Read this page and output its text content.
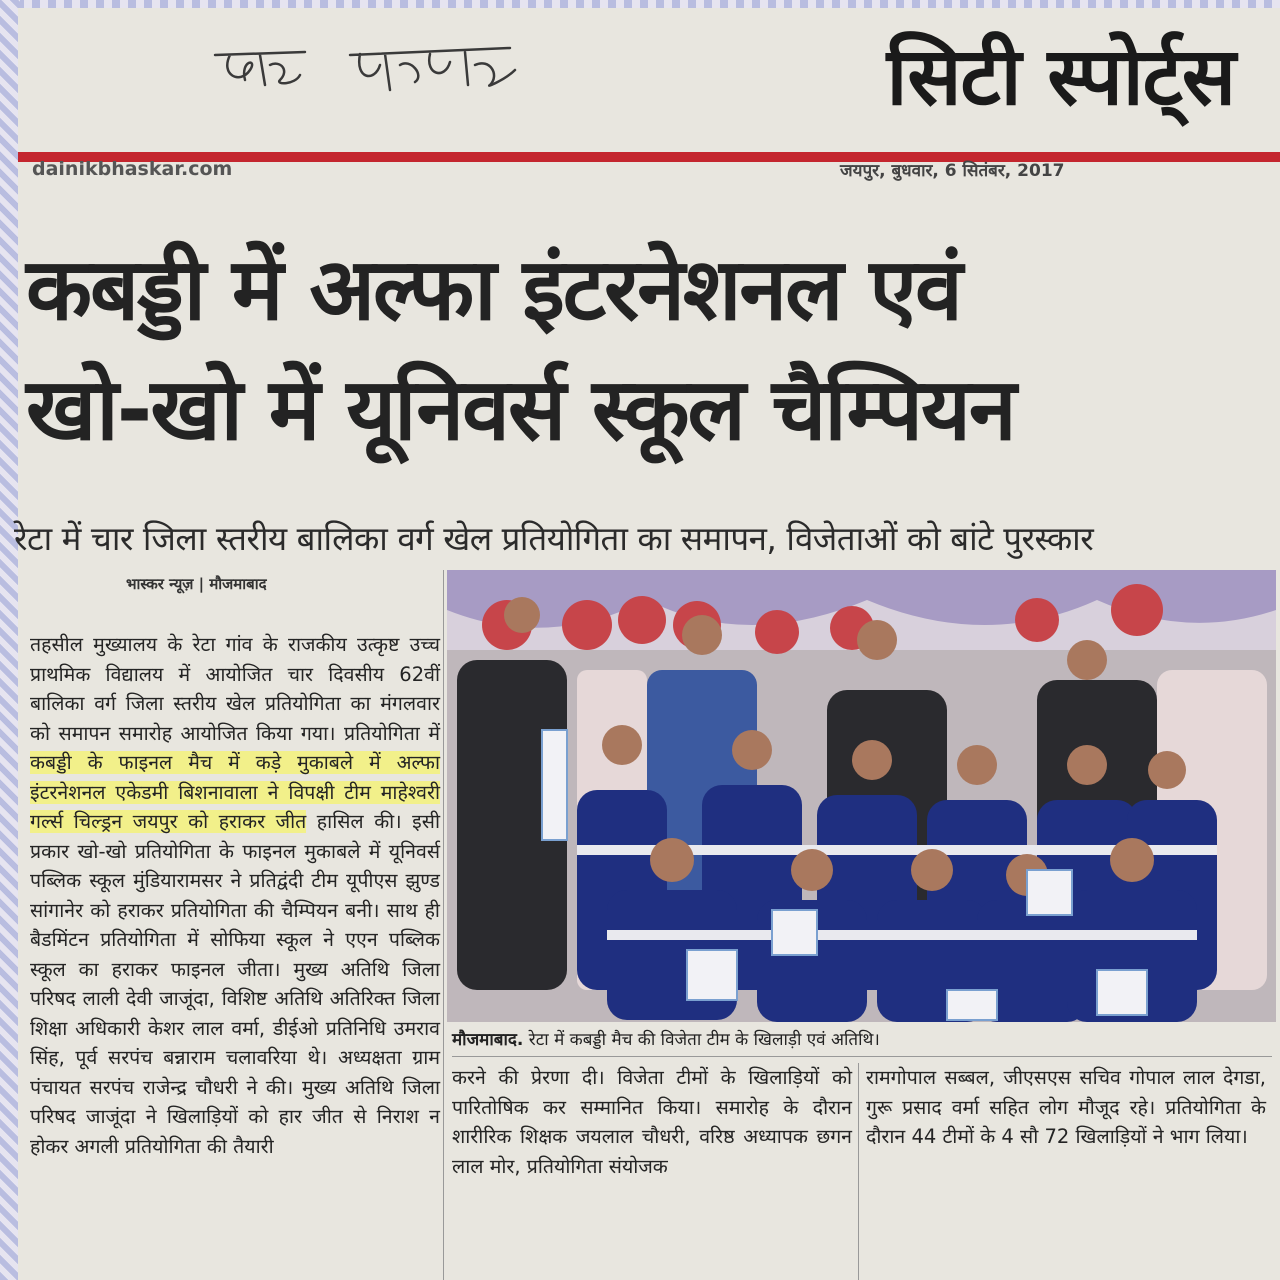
सिटी स्पोर्ट्स
dainikbhaskar.com	जयपुर, बुधवार, 6 सितंबर, 2017
कबड्डी में अल्फा इंटरनेशनल एवं
खो-खो में यूनिवर्स स्कूल चैम्पियन
रेटा में चार जिला स्तरीय बालिका वर्ग खेल प्रतियोगिता का समापन, विजेताओं को बांटे पुरस्कार
भास्कर न्यूज़ | मौजमाबाद

तहसील मुख्यालय के रेटा गांव के राजकीय उत्कृष्ट उच्च प्राथमिक विद्यालय में आयोजित चार दिवसीय 62वीं बालिका वर्ग जिला स्तरीय खेल प्रतियोगिता का मंगलवार को समापन समारोह आयोजित किया गया। प्रतियोगिता में कबड्डी के फाइनल मैच में कड़े मुकाबले में अल्फा इंटरनेशनल एकेडमी बिशनावाला ने विपक्षी टीम माहेश्वरी गर्ल्स चिल्ड्रन जयपुर को हराकर जीत हासिल की। इसी प्रकार खो-खो प्रतियोगिता के फाइनल मुकाबले में यूनिवर्स पब्लिक स्कूल मुंडियारामसर ने प्रतिद्वंदी टीम यूपीएस झुण्ड सांगानेर को हराकर प्रतियोगिता की चैम्पियन बनी। साथ ही बैडमिंटन प्रतियोगिता में सोफिया स्कूल ने एएन पब्लिक स्कूल का हराकर फाइनल जीता। मुख्य अतिथि जिला परिषद लाली देवी जाजूंदा, विशिष्ट अतिथि अतिरिक्त जिला शिक्षा अधिकारी केशर लाल वर्मा, डीईओ प्रतिनिधि उमराव सिंह, पूर्व सरपंच बन्नाराम चलावरिया थे। अध्यक्षता ग्राम पंचायत सरपंच राजेन्द्र चौधरी ने की। मुख्य अतिथि जिला परिषद जाजूंदा ने खिलाड़ियों को हार जीत से निराश न होकर अगली प्रतियोगिता की तैयारी

मौजमाबाद. रेटा में कबड्डी मैच की विजेता टीम के खिलाड़ी एवं अतिथि।
करने की प्रेरणा दी। विजेता टीमों के खिलाड़ियों को पारितोषिक कर सम्मानित किया। समारोह के दौरान शारीरिक शिक्षक जयलाल चौधरी, वरिष्ठ अध्यापक छगन लाल मोर, प्रतियोगिता संयोजक
रामगोपाल सब्बल, जीएसएस सचिव गोपाल लाल देगडा, गुरू प्रसाद वर्मा सहित लोग मौजूद रहे। प्रतियोगिता के दौरान 44 टीमों के 4 सौ 72 खिलाड़ियों ने भाग लिया।
